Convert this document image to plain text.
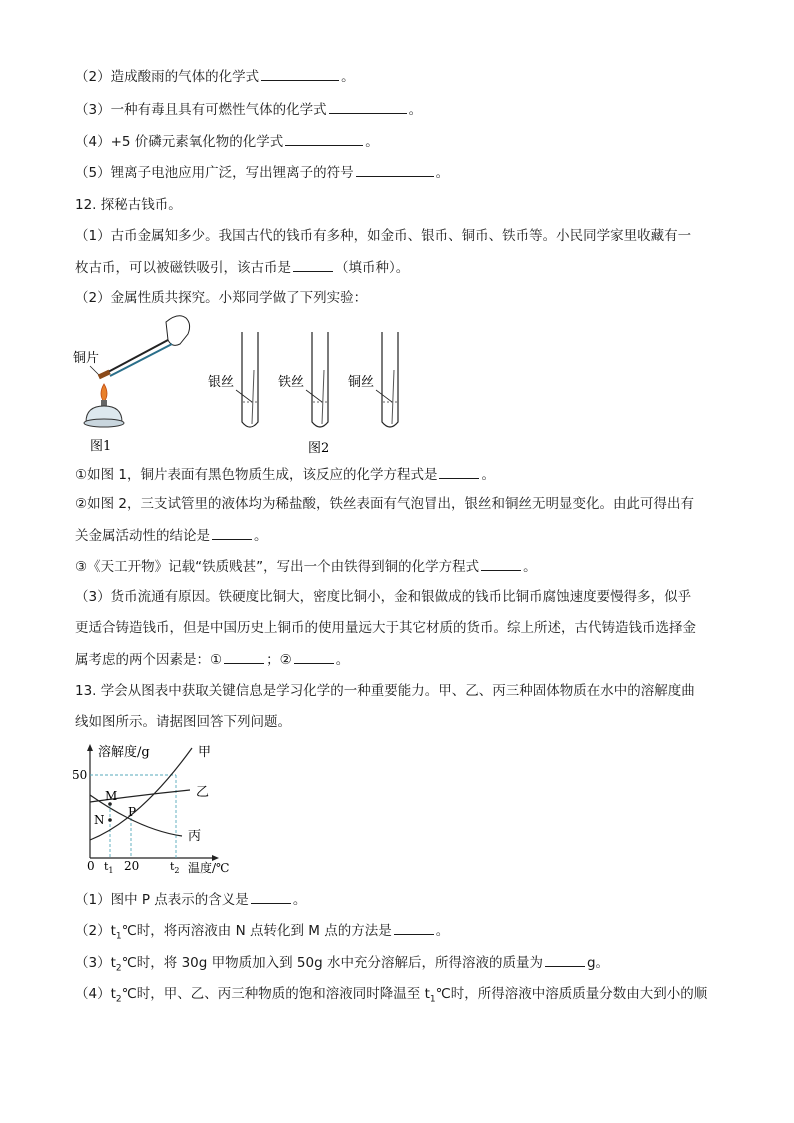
（2）造成酸雨的气体的化学式	。
（3）一种有毒且具有可燃性气体的化学式	。
（4）+5 价磷元素氧化物的化学式	。
（5）锂离子电池应用广泛，写出锂离子的符号	。
12. 探秘古钱币。
（1）古币金属知多少。我国古代的钱币有多种，如金币、银币、铜币、铁币等。小民同学家里收藏有一
枚古币，可以被磁铁吸引，该古币是	（填币种）。
（2）金属性质共探究。小郑同学做了下列实验：
铜片
图1
银丝	铁丝	铜丝
图2
①如图 1，铜片表面有黑色物质生成，该反应的化学方程式是	。
②如图 2，三支试管里的液体均为稀盐酸，铁丝表面有气泡冒出，银丝和铜丝无明显变化。由此可得出有
关金属活动性的结论是	。
③《天工开物》记载“铁质贱甚”，写出一个由铁得到铜的化学方程式	。
（3）货币流通有原因。铁硬度比铜大，密度比铜小，金和银做成的钱币比铜币腐蚀速度要慢得多，似乎
更适合铸造钱币，但是中国历史上铜币的使用量远大于其它材质的货币。综上所述，古代铸造钱币选择金
属考虑的两个因素是：①	；②	。
13. 学会从图表中获取关键信息是学习化学的一种重要能力。甲、乙、丙三种固体物质在水中的溶解度曲
线如图所示。请据图回答下列问题。
溶解度/g
温度/℃
50
甲
乙
丙
M
N
P
0 $t_1$ 20	$t_2$
（1）图中 P 点表示的含义是	。
$(2)t_1℃$时，将丙溶液由 N 点转化到 M 点的方法是	。
$(3)t_2℃$时，将 30g 甲物质加入到 50g 水中充分溶解后，所得溶液的质量为	g。
$(4)t_2℃$时，甲、乙、丙三种物质的饱和溶液同时降温至 $t_1℃$时，所得溶液中溶质质量分数由大到小的顺
